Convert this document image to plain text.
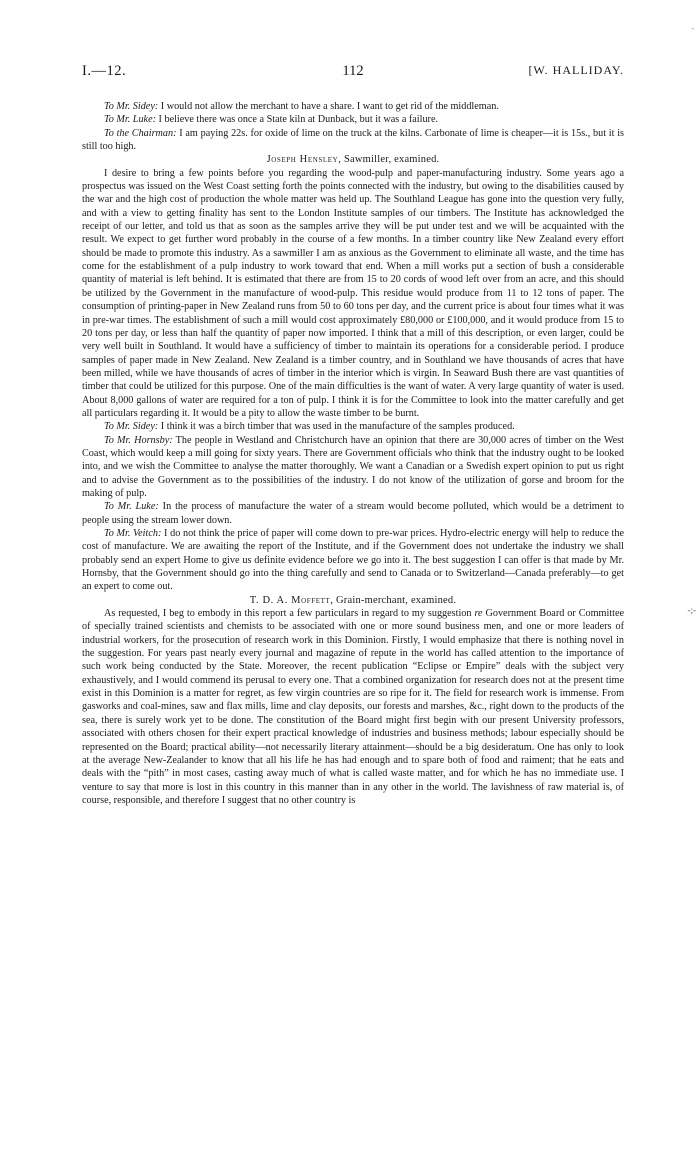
-
I.—12.	112	[W. HALLIDAY.
-;-

To Mr. Sidey: I would not allow the merchant to have a share. I want to get rid of the middleman.

To Mr. Luke: I believe there was once a State kiln at Dunback, but it was a failure.

To the Chairman: I am paying 22s. for oxide of lime on the truck at the kilns. Carbonate of lime is cheaper—it is 15s., but it is still too high.

Joseph Hensley, Sawmiller, examined.

I desire to bring a few points before you regarding the wood-pulp and paper-manufacturing industry. Some years ago a prospectus was issued on the West Coast setting forth the points connected with the industry, but owing to the disabilities caused by the war and the high cost of production the whole matter was held up. The Southland League has gone into the question very fully, and with a view to getting finality has sent to the London Institute samples of our timbers. The Institute has acknowledged the receipt of our letter, and told us that as soon as the samples arrive they will be put under test and we will be acquainted with the result. We expect to get further word probably in the course of a few months. In a timber country like New Zealand every effort should be made to promote this industry. As a sawmiller I am as anxious as the Government to eliminate all waste, and the time has come for the establishment of a pulp industry to work toward that end. When a mill works put a section of bush a considerable quantity of material is left behind. It is estimated that there are from 15 to 20 cords of wood left over from an acre, and this should be utilized by the Government in the manufacture of wood-pulp. This residue would produce from 11 to 12 tons of paper. The consumption of printing-paper in New Zealand runs from 50 to 60 tons per day, and the current price is about four times what it was in pre-war times. The establishment of such a mill would cost approximately £80,000 or £100,000, and it would produce from 15 to 20 tons per day, or less than half the quantity of paper now imported. I think that a mill of this description, or even larger, could be very well built in Southland. It would have a sufficiency of timber to maintain its operations for a considerable period. I produce samples of paper made in New Zealand. New Zealand is a timber country, and in Southland we have thousands of acres that have been milled, while we have thousands of acres of timber in the interior which is virgin. In Seaward Bush there are vast quantities of timber that could be utilized for this purpose. One of the main difficulties is the want of water. A very large quantity of water is used. About 8,000 gallons of water are required for a ton of pulp. I think it is for the Committee to look into the matter carefully and get all particulars regarding it. It would be a pity to allow the waste timber to be burnt.

To Mr. Sidey: I think it was a birch timber that was used in the manufacture of the samples produced.

To Mr. Hornsby: The people in Westland and Christchurch have an opinion that there are 30,000 acres of timber on the West Coast, which would keep a mill going for sixty years. There are Government officials who think that the industry ought to be looked into, and we wish the Committee to analyse the matter thoroughly. We want a Canadian or a Swedish expert opinion to put us right and to advise the Government as to the possibilities of the industry. I do not know of the utilization of gorse and broom for the making of pulp.

To Mr. Luke: In the process of manufacture the water of a stream would become polluted, which would be a detriment to people using the stream lower down.

To Mr. Veitch: I do not think the price of paper will come down to pre-war prices. Hydro-electric energy will help to reduce the cost of manufacture. We are awaiting the report of the Institute, and if the Government does not undertake the industry we shall probably send an expert Home to give us definite evidence before we go into it. The best suggestion I can offer is that made by Mr. Hornsby, that the Government should go into the thing carefully and send to Canada or to Switzerland—Canada preferably—to get an expert to come out.

T. D. A. Moffett, Grain-merchant, examined.

As requested, I beg to embody in this report a few particulars in regard to my suggestion re Government Board or Committee of specially trained scientists and chemists to be associated with one or more sound business men, and one or more leaders of industrial workers, for the prosecution of research work in this Dominion. Firstly, I would emphasize that there is nothing novel in the suggestion. For years past nearly every journal and magazine of repute in the world has called attention to the importance of such work being conducted by the State. Moreover, the recent publication “Eclipse or Empire” deals with the subject very exhaustively, and I would commend its perusal to every one. That a combined organization for research does not at the present time exist in this Dominion is a matter for regret, as few virgin countries are so ripe for it. The field for research work is immense. From gasworks and coal-mines, saw and flax mills, lime and clay deposits, our forests and marshes, &c., right down to the products of the sea, there is surely work yet to be done. The constitution of the Board might first begin with our present University professors, associated with others chosen for their expert practical knowledge of industries and business methods; labour especially should be represented on the Board; practical ability—not necessarily literary attainment—should be a big desideratum. One has only to look at the average New-Zealander to know that all his life he has had enough and to spare both of food and raiment; that he eats and deals with the “pith” in most cases, casting away much of what is called waste matter, and for which he has no immediate use. I venture to say that more is lost in this country in this manner than in any other in the world. The lavishness of raw material is, of course, responsible, and therefore I suggest that no other country is
